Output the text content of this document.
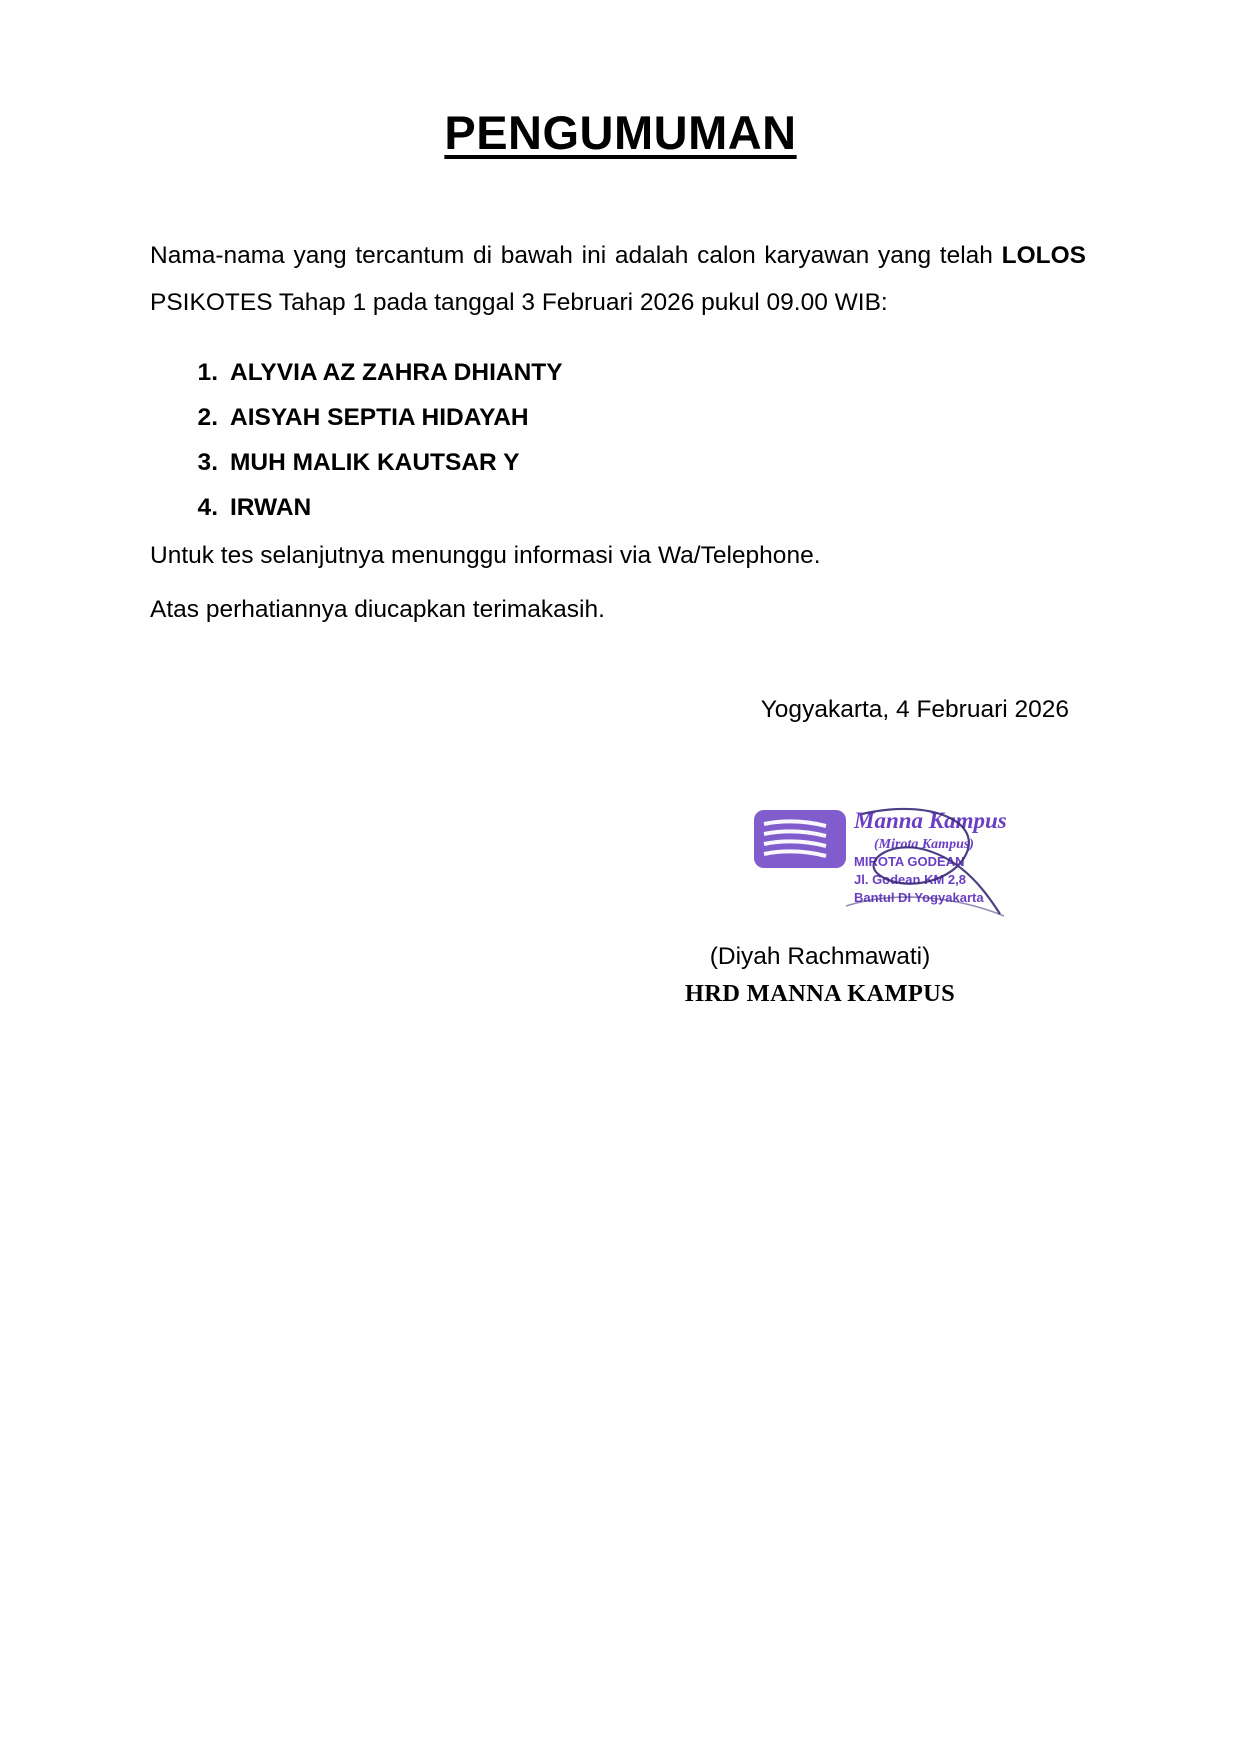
PENGUMUMAN

Nama-nama yang tercantum di bawah ini adalah calon karyawan yang telah LOLOS PSIKOTES Tahap 1 pada tanggal 3 Februari 2026 pukul 09.00 WIB:

ALYVIA AZ ZAHRA DHIANTY
AISYAH SEPTIA HIDAYAH
MUH MALIK KAUTSAR Y
IRWAN

Untuk tes selanjutnya menunggu informasi via Wa/Telephone.

Atas perhatiannya diucapkan terimakasih.

Yogyakarta, 4 Februari 2026

Manna Kampus
(Mirota Kampus)
MIROTA GODEAN
Jl. Godean KM 2,8
Bantul DI Yogyakarta
(Diyah Rachmawati)
HRD MANNA KAMPUS
